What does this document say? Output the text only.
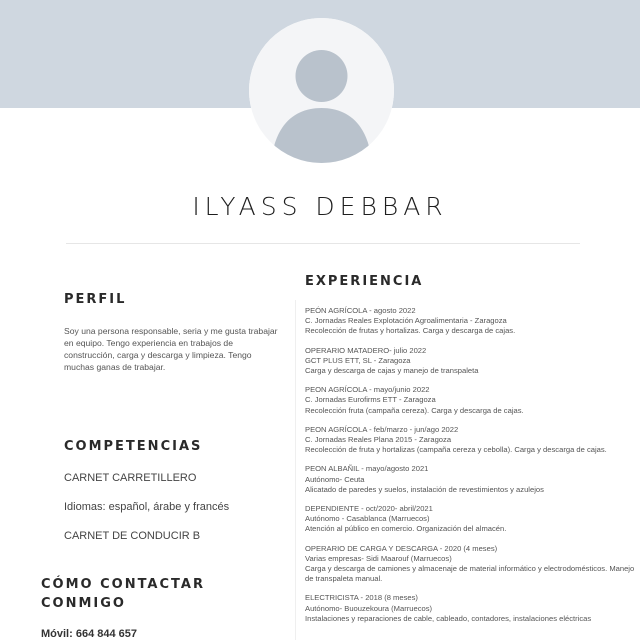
ILYASS DEBBAR
PERFIL
Soy una persona responsable, seria y me gusta trabajar en equipo. Tengo experiencia en trabajos de construcción, carga y descarga y limpieza. Tengo muchas ganas de trabajar.
COMPETENCIAS
CARNET CARRETILLERO
Idiomas: español, árabe y francés
CARNET DE CONDUCIR B
CÓMO CONTACTAR CONMIGO
Móvil: 664 844 657
EXPERIENCIA
PEÓN AGRÍCOLA - agosto 2022
C. Jornadas Reales Explotación Agroalimentaria - Zaragoza
Recolección de frutas y hortalizas. Carga y descarga de cajas.
OPERARIO MATADERO- julio 2022
GCT PLUS ETT, SL - Zaragoza
Carga y descarga de cajas y manejo de transpaleta
PEON AGRÍCOLA - mayo/junio 2022
C. Jornadas Eurofirms ETT - Zaragoza
Recolección fruta (campaña cereza). Carga y descarga de cajas.
PEON AGRÍCOLA - feb/marzo - jun/ago 2022
C. Jornadas Reales Plana 2015 - Zaragoza
Recolección de fruta y hortalizas (campaña cereza y cebolla). Carga y descarga de cajas.
PEON ALBAÑIL - mayo/agosto 2021
Autónomo- Ceuta
Alicatado de paredes y suelos, instalación de revestimientos y azulejos
DEPENDIENTE - oct/2020- abril/2021
Autónomo - Casablanca (Marruecos)
Atención al público en comercio. Organización del almacén.
OPERARIO DE CARGA Y DESCARGA - 2020 (4 meses)
Varias empresas- Sidi Maarouf (Marruecos)
Carga y descarga de camiones y almacenaje de material informático y electrodomésticos. Manejo de transpaleta manual.
ELECTRICISTA - 2018 (8 meses)
Autónomo- Buouzekoura (Marruecos)
Instalaciones y reparaciones de cable, cableado, contadores, instalaciones eléctricas
